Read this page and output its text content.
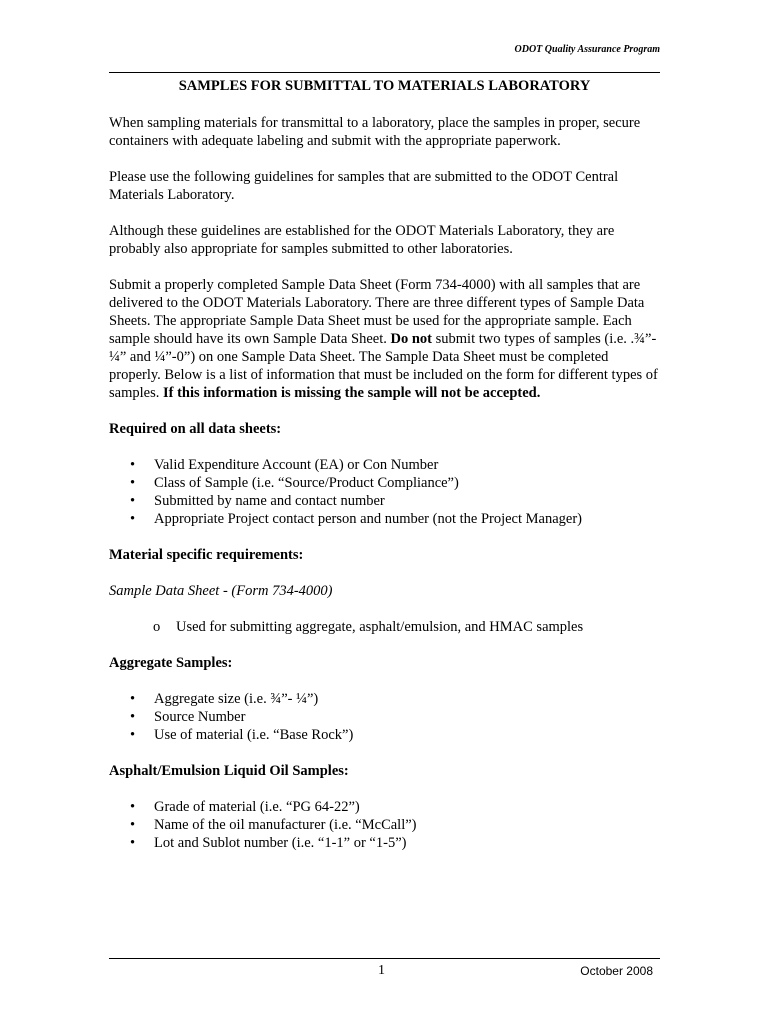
ODOT Quality Assurance Program
SAMPLES FOR SUBMITTAL TO MATERIALS LABORATORY

When sampling materials for transmittal to a laboratory, place the samples in proper, secure containers with adequate labeling and submit with the appropriate paperwork.

Please use the following guidelines for samples that are submitted to the ODOT Central Materials Laboratory.

Although these guidelines are established for the ODOT Materials Laboratory, they are probably also appropriate for samples submitted to other laboratories.

Submit a properly completed Sample Data Sheet (Form 734-4000) with all samples that are delivered to the ODOT Materials Laboratory. There are three different types of Sample Data Sheets. The appropriate Sample Data Sheet must be used for the appropriate sample. Each sample should have its own Sample Data Sheet. Do not submit two types of samples (i.e. .¾”- ¼” and ¼”-0”) on one Sample Data Sheet. The Sample Data Sheet must be completed properly. Below is a list of information that must be included on the form for different types of samples. If this information is missing the sample will not be accepted.

Required on all data sheets:
• Valid Expenditure Account (EA) or Con Number
• Class of Sample (i.e. “Source/Product Compliance”)
• Submitted by name and contact number
• Appropriate Project contact person and number (not the Project Manager)
Material specific requirements:
Sample Data Sheet - (Form 734-4000)
o Used for submitting aggregate, asphalt/emulsion, and HMAC samples
Aggregate Samples:
• Aggregate size (i.e. ¾”- ¼”)
• Source Number
• Use of material (i.e. “Base Rock”)
Asphalt/Emulsion Liquid Oil Samples:
• Grade of material (i.e. “PG 64-22”)
• Name of the oil manufacturer (i.e. “McCall”)
• Lot and Sublot number (i.e. “1-1” or “1-5”)
1	October 2008
